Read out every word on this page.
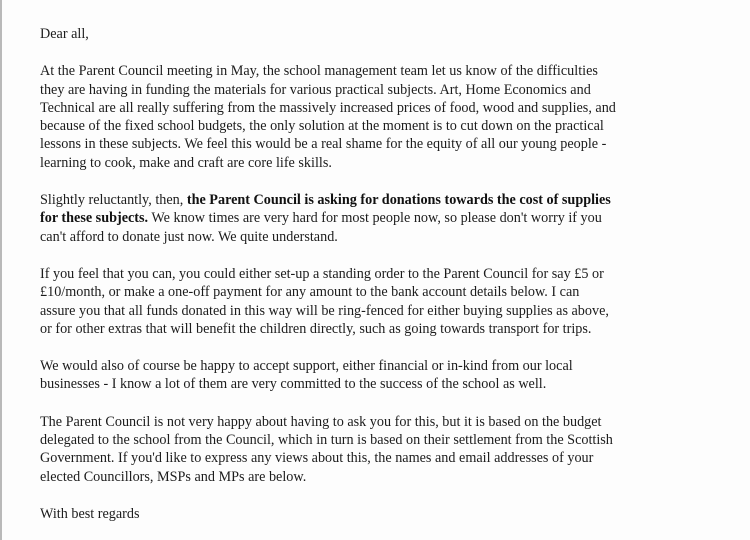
Dear all,

At the Parent Council meeting in May, the school management team let us know of the difficulties
they are having in funding the materials for various practical subjects. Art, Home Economics and
Technical are all really suffering from the massively increased prices of food, wood and supplies, and
because of the fixed school budgets, the only solution at the moment is to cut down on the practical
lessons in these subjects. We feel this would be a real shame for the equity of all our young people -
learning to cook, make and craft are core life skills.

Slightly reluctantly, then, the Parent Council is asking for donations towards the cost of supplies
for these subjects. We know times are very hard for most people now, so please don't worry if you
can't afford to donate just now. We quite understand.

If you feel that you can, you could either set-up a standing order to the Parent Council for say £5 or
£10/month, or make a one-off payment for any amount to the bank account details below. I can
assure you that all funds donated in this way will be ring-fenced for either buying supplies as above,
or for other extras that will benefit the children directly, such as going towards transport for trips.

We would also of course be happy to accept support, either financial or in-kind from our local
businesses - I know a lot of them are very committed to the success of the school as well.

The Parent Council is not very happy about having to ask you for this, but it is based on the budget
delegated to the school from the Council, which in turn is based on their settlement from the Scottish
Government. If you'd like to express any views about this, the names and email addresses of your
elected Councillors, MSPs and MPs are below.

With best regards
